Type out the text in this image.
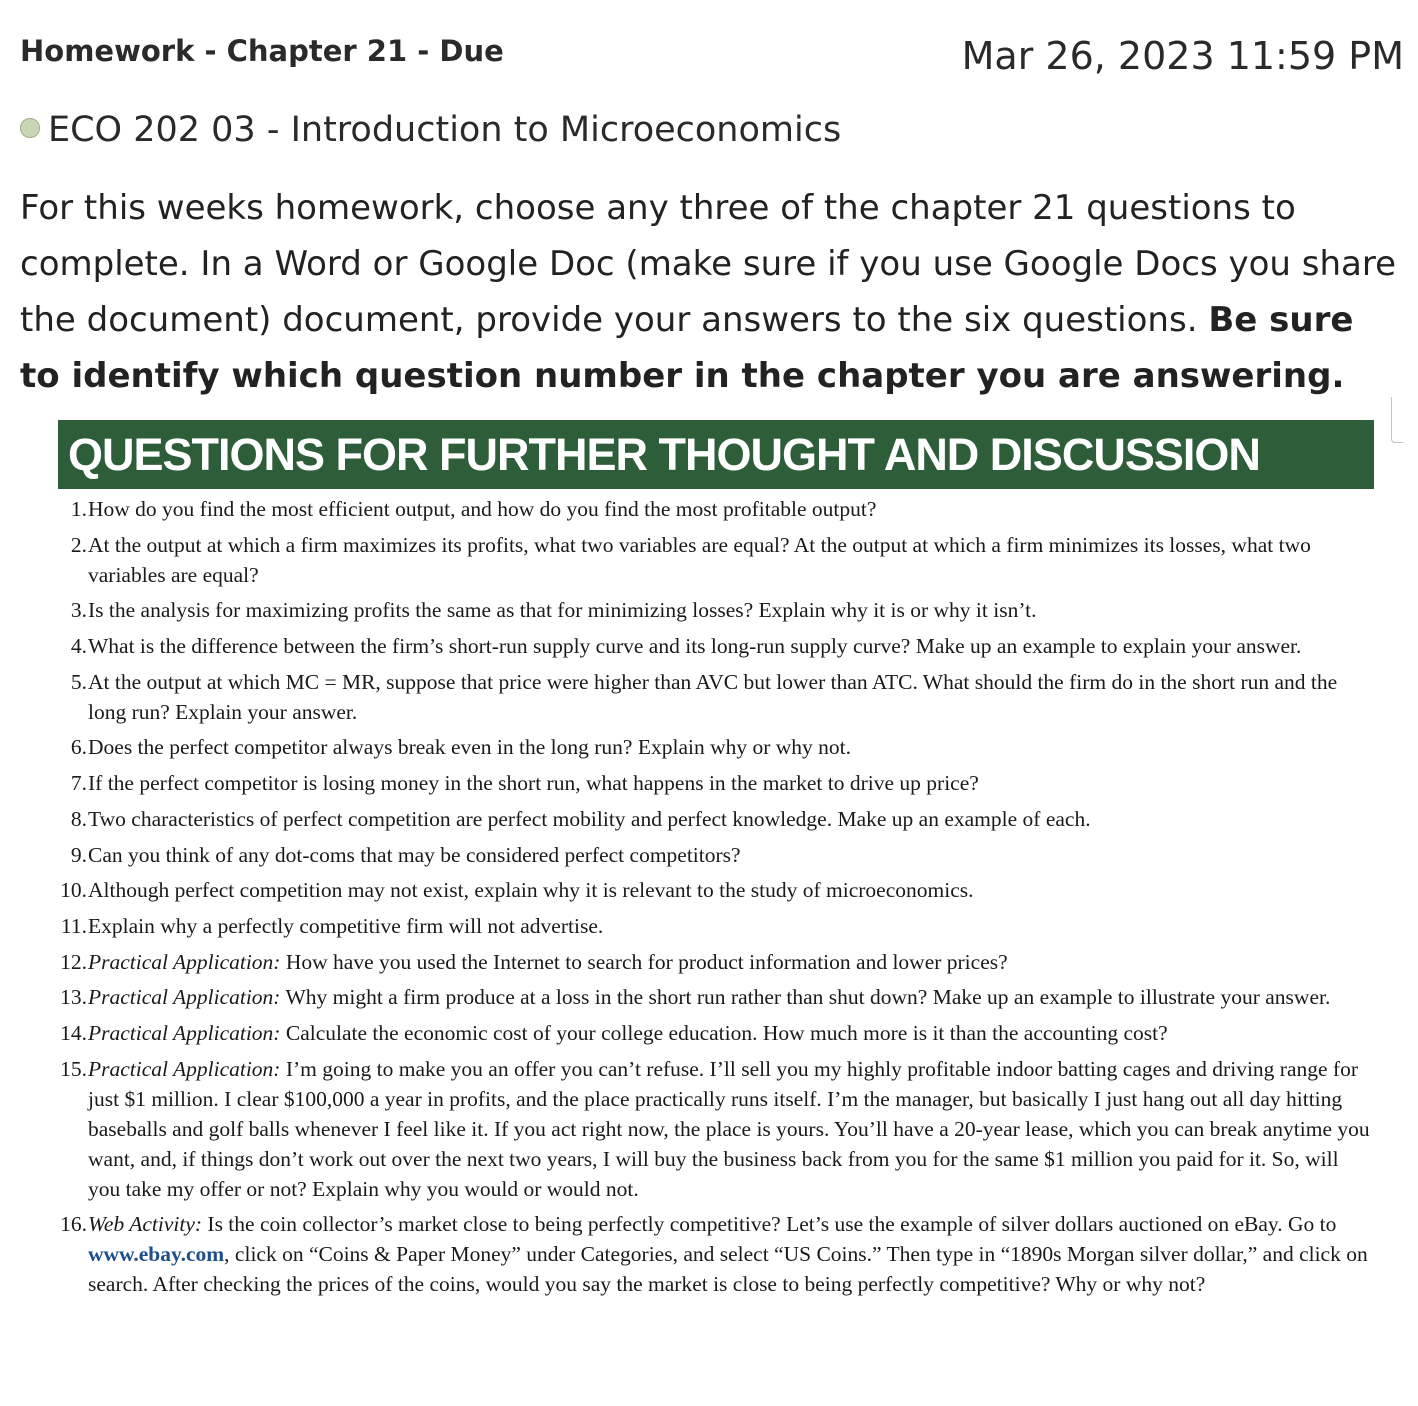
Homework - Chapter 21 - Due	Mar 26, 2023 11:59 PM
ECO 202 03 - Introduction to Microeconomics
For this weeks homework, choose any three of the chapter 21 questions to complete. In a Word or Google Doc (make sure if you use Google Docs you share the document) document, provide your answers to the six questions. Be sure to identify which question number in the chapter you are answering.
QUESTIONS FOR FURTHER THOUGHT AND DISCUSSION
1. How do you find the most efficient output, and how do you find the most profitable output?
2. At the output at which a firm maximizes its profits, what two variables are equal? At the output at which a firm minimizes its losses, what two variables are equal?
3. Is the analysis for maximizing profits the same as that for minimizing losses? Explain why it is or why it isn’t.
4. What is the difference between the firm’s short-run supply curve and its long-run supply curve? Make up an example to explain your answer.
5. At the output at which MC = MR, suppose that price were higher than AVC but lower than ATC. What should the firm do in the short run and the long run? Explain your answer.
6. Does the perfect competitor always break even in the long run? Explain why or why not.
7. If the perfect competitor is losing money in the short run, what happens in the market to drive up price?
8. Two characteristics of perfect competition are perfect mobility and perfect knowledge. Make up an example of each.
9. Can you think of any dot-coms that may be considered perfect competitors?
10. Although perfect competition may not exist, explain why it is relevant to the study of microeconomics.
11. Explain why a perfectly competitive firm will not advertise.
12. Practical Application: How have you used the Internet to search for product information and lower prices?
13. Practical Application: Why might a firm produce at a loss in the short run rather than shut down? Make up an example to illustrate your answer.
14. Practical Application: Calculate the economic cost of your college education. How much more is it than the accounting cost?
15. Practical Application: I’m going to make you an offer you can’t refuse. I’ll sell you my highly profitable indoor batting cages and driving range for just $1 million. I clear $100,000 a year in profits, and the place practically runs itself. I’m the manager, but basically I just hang out all day hitting baseballs and golf balls whenever I feel like it. If you act right now, the place is yours. You’ll have a 20-year lease, which you can break anytime you want, and, if things don’t work out over the next two years, I will buy the business back from you for the same $1 million you paid for it. So, will you take my offer or not? Explain why you would or would not.
16. Web Activity: Is the coin collector’s market close to being perfectly competitive? Let’s use the example of silver dollars auctioned on eBay. Go to www.ebay.com, click on “Coins & Paper Money” under Categories, and select “US Coins.” Then type in “1890s Morgan silver dollar,” and click on search. After checking the prices of the coins, would you say the market is close to being perfectly competitive? Why or why not?
